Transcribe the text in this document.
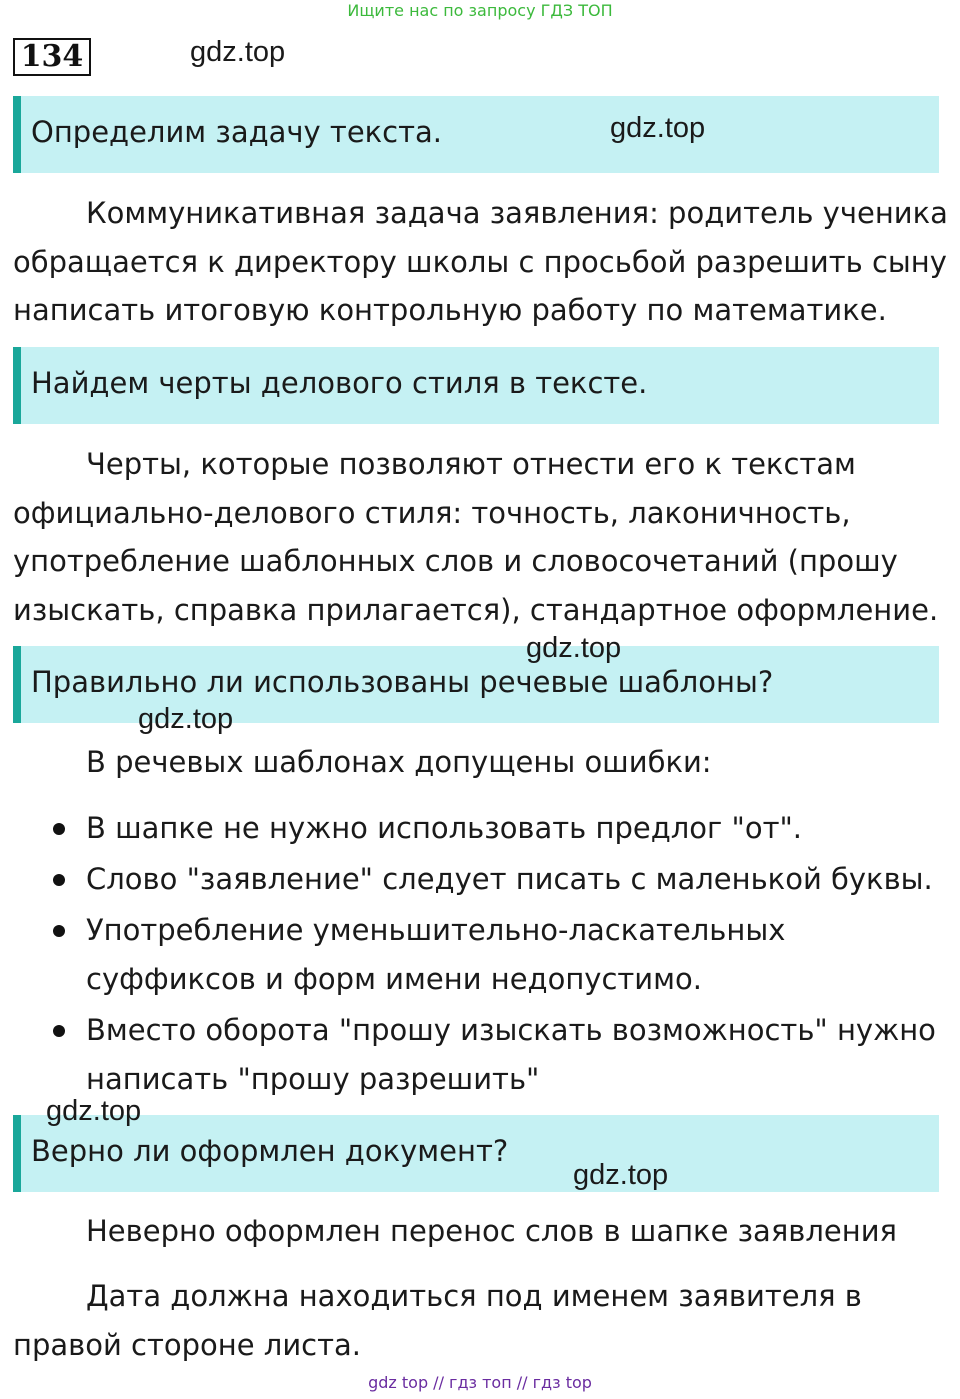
Ищите нас по запросу ГДЗ ТОП
134	gdz.top
Определим задачу текста.	gdz.top
Коммуникативная задача заявления: родитель ученика обращается к директору школы с просьбой разрешить сыну написать итоговую контрольную работу по математике.
Найдем черты делового стиля в тексте.
Черты, которые позволяют отнести его к текстам официально-делового стиля: точность, лаконичность, употребление шаблонных слов и словосочетаний (прошу изыскать, справка прилагается), стандартное оформление.
Правильно ли использованы речевые шаблоны?
gdz.top
gdz.top
В речевых шаблонах допущены ошибки:
В шапке не нужно использовать предлог "от".
Слово "заявление" следует писать с маленькой буквы.
Употребление уменьшительно-ласкательных суффиксов и форм имени недопустимо.
Вместо оборота "прошу изыскать возможность" нужно написать "прошу разрешить"
Верно ли оформлен документ?
gdz.top
gdz.top
Неверно оформлен перенос слов в шапке заявления
Дата должна находиться под именем заявителя в правой стороне листа.
gdz top // гдз топ // гдз top
